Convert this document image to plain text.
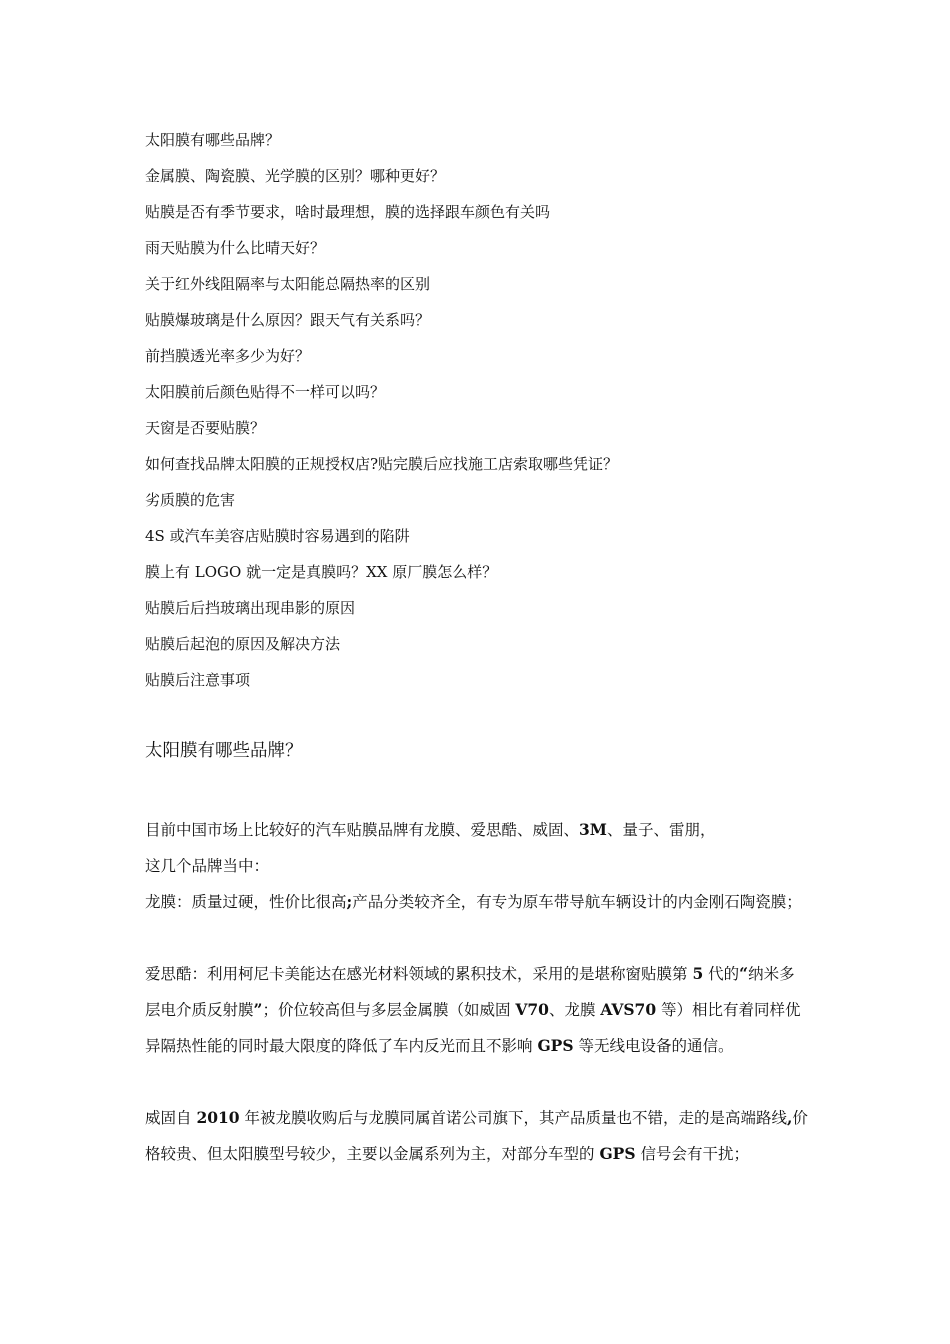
太阳膜有哪些品牌？
金属膜、陶瓷膜、光学膜的区别？哪种更好？
贴膜是否有季节要求，啥时最理想，膜的选择跟车颜色有关吗
雨天贴膜为什么比晴天好？
关于红外线阻隔率与太阳能总隔热率的区别
贴膜爆玻璃是什么原因？跟天气有关系吗？
前挡膜透光率多少为好？
太阳膜前后颜色贴得不一样可以吗？
天窗是否要贴膜？
如何查找品牌太阳膜的正规授权店?贴完膜后应找施工店索取哪些凭证？
劣质膜的危害
4S 或汽车美容店贴膜时容易遇到的陷阱
膜上有 LOGO 就一定是真膜吗？XX 原厂膜怎么样？
贴膜后后挡玻璃出现串影的原因
贴膜后起泡的原因及解决方法
贴膜后注意事项
太阳膜有哪些品牌？

目前中国市场上比较好的汽车贴膜品牌有龙膜、爱思酷、威固、3M、量子、雷朋，

这几个品牌当中：

龙膜：质量过硬，性价比很高;产品分类较齐全，有专为原车带导航车辆设计的内金刚石陶瓷膜；

爱思酷：利用柯尼卡美能达在感光材料领域的累积技术，采用的是堪称窗贴膜第 5 代的“纳米多层电介质反射膜”；价位较高但与多层金属膜（如威固 V70、龙膜 AVS70 等）相比有着同样优异隔热性能的同时最大限度的降低了车内反光而且不影响 GPS 等无线电设备的通信。

威固自 2010 年被龙膜收购后与龙膜同属首诺公司旗下，其产品质量也不错，走的是高端路线,价格较贵、但太阳膜型号较少，主要以金属系列为主，对部分车型的 GPS 信号会有干扰；
